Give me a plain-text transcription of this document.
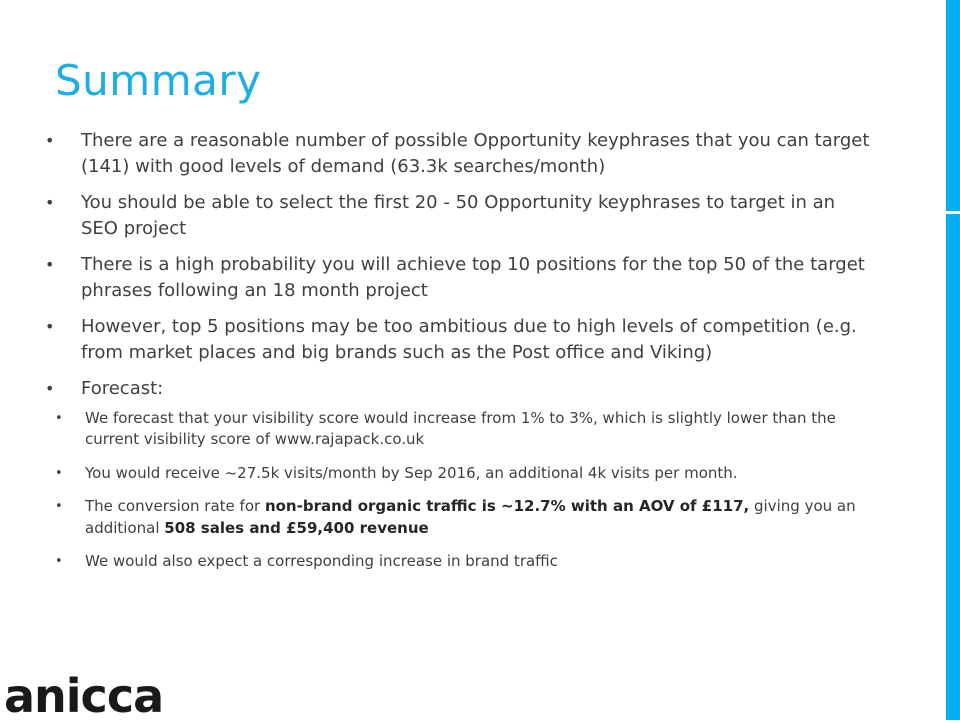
Summary
• There are a reasonable number of possible Opportunity keyphrases that you can target (141) with good levels of demand (63.3k searches/month)
• You should be able to select the first 20 - 50 Opportunity keyphrases to target in an SEO project
• There is a high probability you will achieve top 10 positions for the top 50 of the target phrases following an 18 month project
• However, top 5 positions may be too ambitious due to high levels of competition (e.g. from market places and big brands such as the Post office and Viking)
• Forecast:
• We forecast that your visibility score would increase from 1% to 3%, which is slightly lower than the current visibility score of www.rajapack.co.uk
• You would receive ~27.5k visits/month by Sep 2016, an additional 4k visits per month.
• The conversion rate for non-brand organic traffic is ~12.7% with an AOV of £117, giving you an additional 508 sales and £59,400 revenue
• We would also expect a corresponding increase in brand traffic
anicca
